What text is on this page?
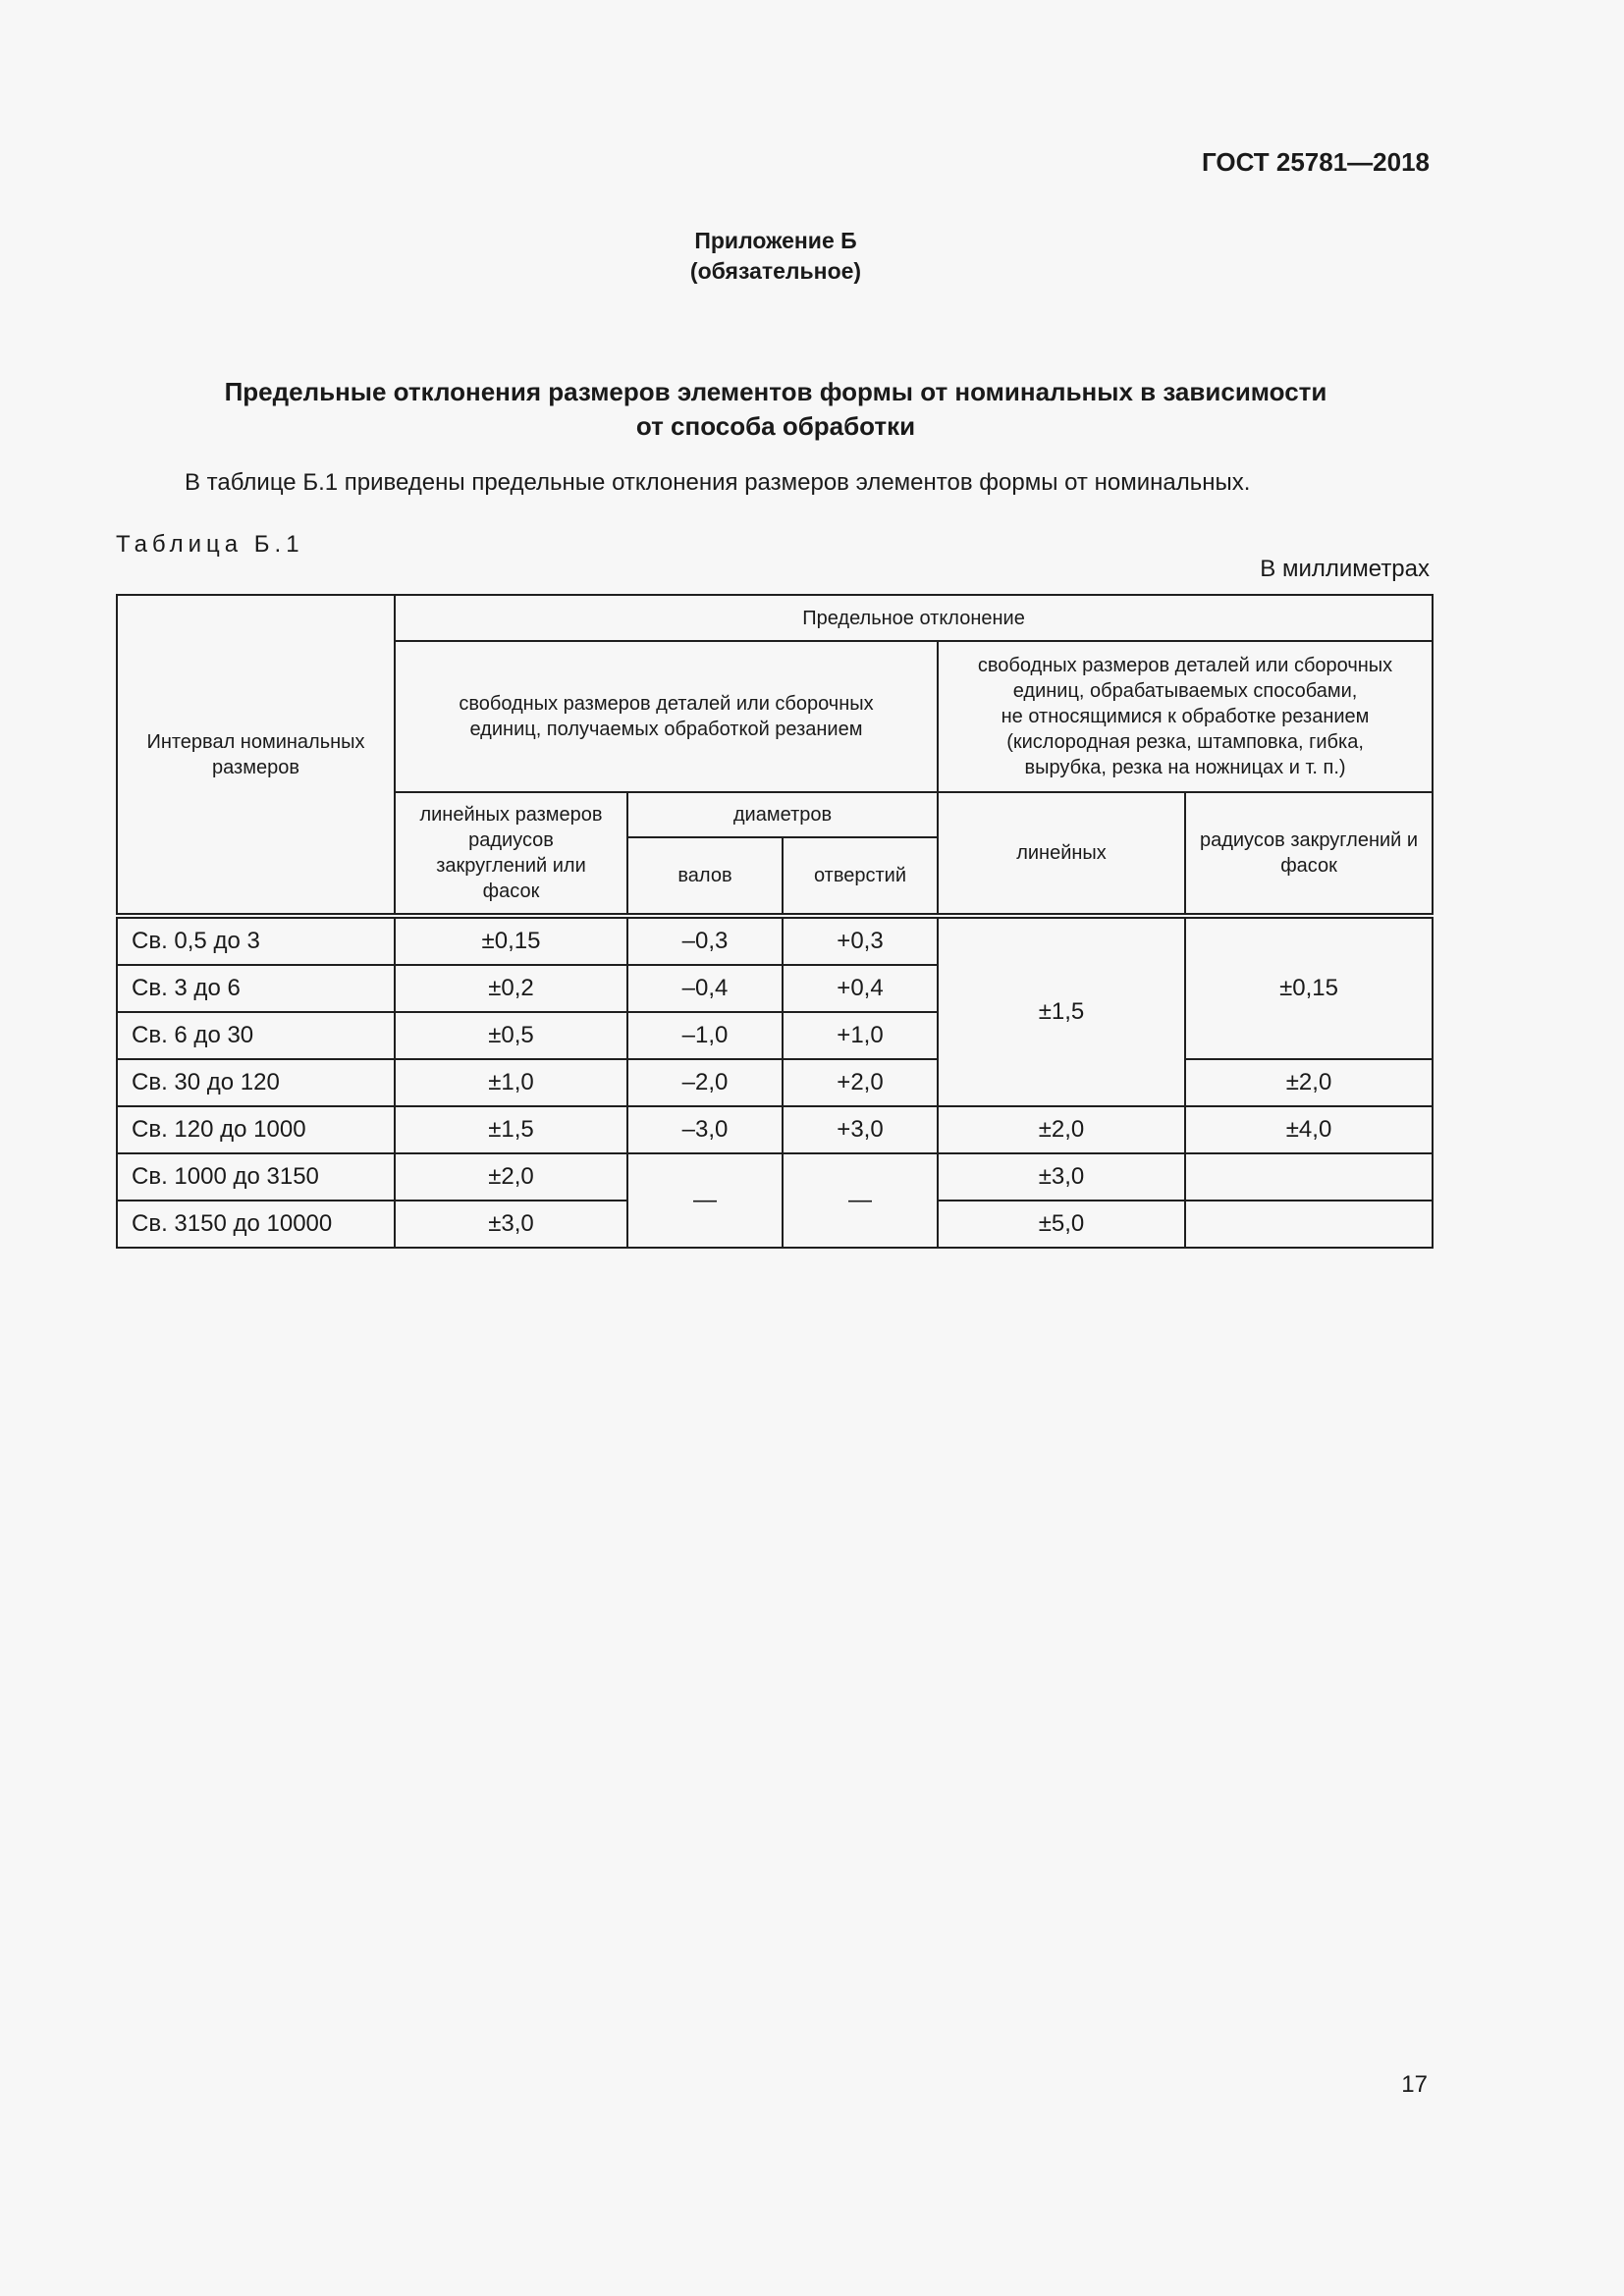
ГОСТ 25781—2018
Приложение Б
(обязательное)
Предельные отклонения размеров элементов формы от номинальных в зависимости
от способа обработки
В таблице Б.1 приведены предельные отклонения размеров элементов формы от номинальных.
Таблица Б.1
В миллиметрах
Интервал номинальных размеров	Предельное отклонение				
	свободных размеров деталей или сборочных единиц, получаемых обработкой резанием			свободных размеров деталей или сборочных
единиц, обрабатываемых способами,
не относящимися к обработке резанием
(кислородная резка, штамповка, гибка,
вырубка, резка на ножницах и т. п.)	

	линейных размеров радиусов закруглений или фасок	диаметров		линейных	радиусов закруглений и фасок
		валов	отверстий		
Св. 0,5 до 3	±0,15	–0,3	+0,3	±1,5	±0,15
Св. 3 до 6	±0,2	–0,4	+0,4		
Св. 6 до 30	±0,5	–1,0	+1,0		
Св. 30 до 120	±1,0	–2,0	+2,0		±2,0
Св. 120 до 1000	±1,5	–3,0	+3,0	±2,0	±4,0
Св. 1000 до 3150	±2,0	—	—	±3,0	
Св. 3150 до 10000	±3,0			±5,0	
17
